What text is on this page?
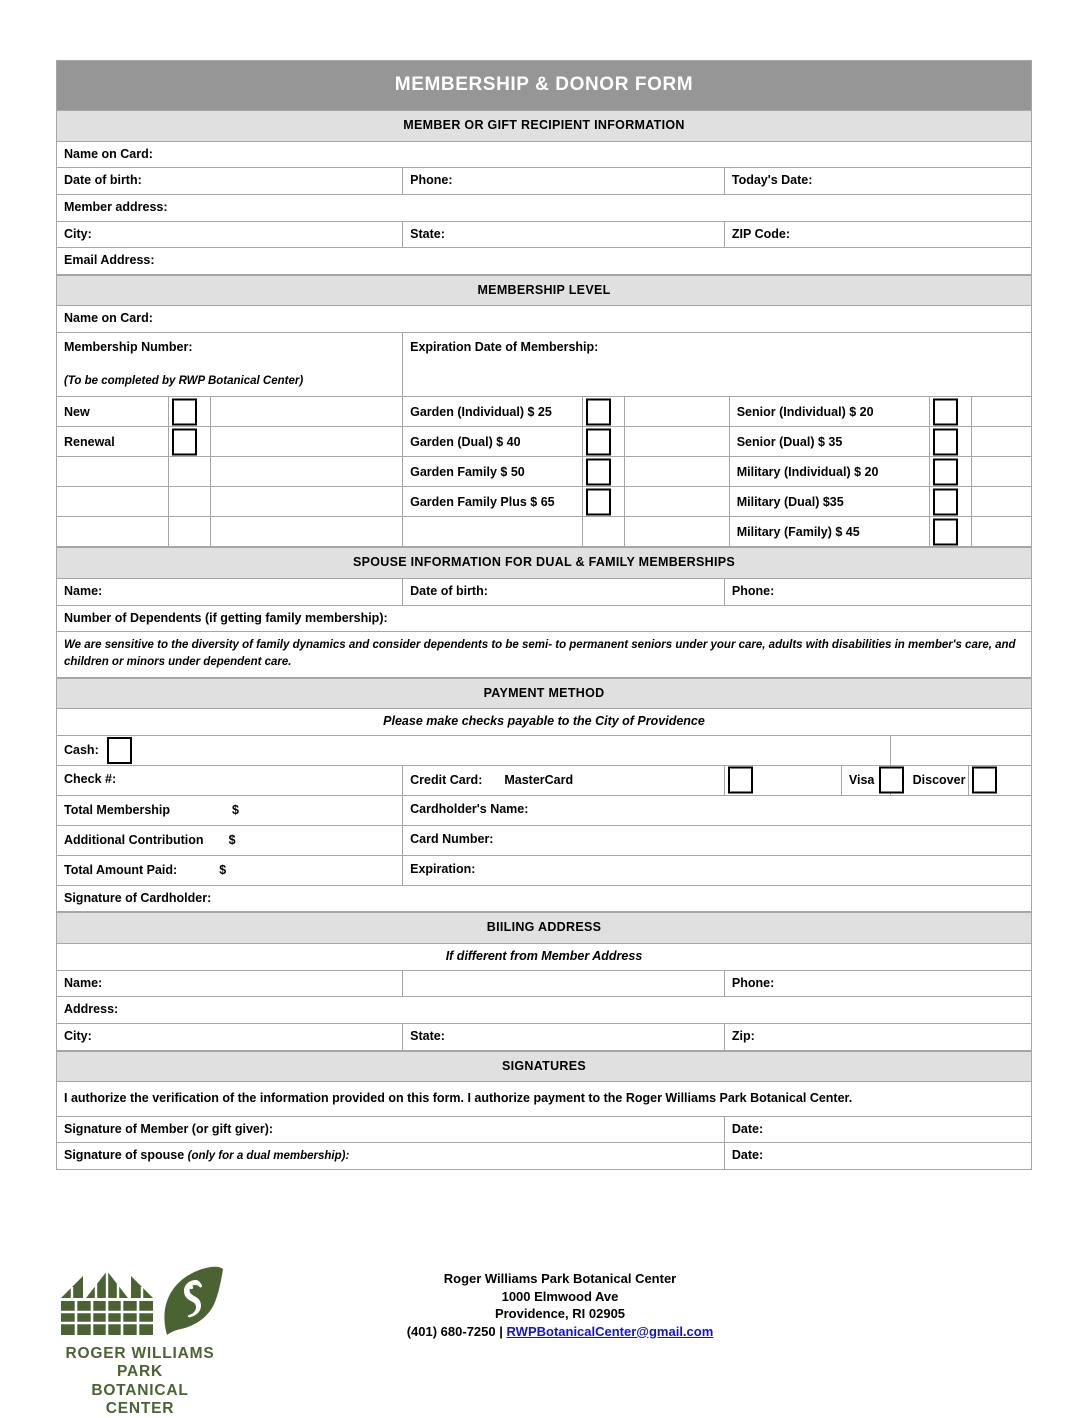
MEMBERSHIP & DONOR FORM
MEMBER OR GIFT RECIPIENT INFORMATION		

Name on Card:		

Date of birth:	Phone:	Today's Date:

Member address:		

City:	State:	ZIP Code:

Email Address:		
MEMBERSHIP LEVEL								

Name on Card:								

Membership Number:
(To be completed by RWP Botanical Center)			Expiration Date of Membership:					

New			Garden (Individual) $ 25			Senior (Individual) $ 20		

Renewal			Garden (Dual) $ 40			Senior (Dual) $ 35		

			Garden Family $ 50			Military (Individual) $ 20		

			Garden Family Plus $ 65			Military (Dual) $35		

						Military (Family) $ 45		

SPOUSE INFORMATION FOR DUAL & FAMILY MEMBERSHIPS

Name:	Date of birth:	Phone:

Number of Dependents (if getting family membership):

We are sensitive to the diversity of family dynamics and consider dependents to be semi- to permanent seniors under your care, adults with disabilities in member's care, and children or minors under dependent care.
PAYMENT METHOD					

Please make checks payable to the City of Providence					

Cash:					

Check #:	Credit Card: MasterCard		Visa	Discover	

Total Membership $	Cardholder's Name:				

Additional Contribution $	Card Number:				

Total Amount Paid: $	Expiration:				

Signature of Cardholder:					
BIILING ADDRESS		

If different from Member Address		

Name:		Phone:

Address:		

City:	State:	Zip:
SIGNATURES	

I authorize the verification of the information provided on this form. I authorize payment to the Roger Williams Park Botanical Center.	

Signature of Member (or gift giver):	Date:

Signature of spouse (only for a dual membership):	Date:
ROGER WILLIAMS PARK
BOTANICAL CENTER
Roger Williams Park Botanical Center
1000 Elmwood Ave
Providence, RI 02905
(401) 680-7250 | RWPBotanicalCenter@gmail.com
